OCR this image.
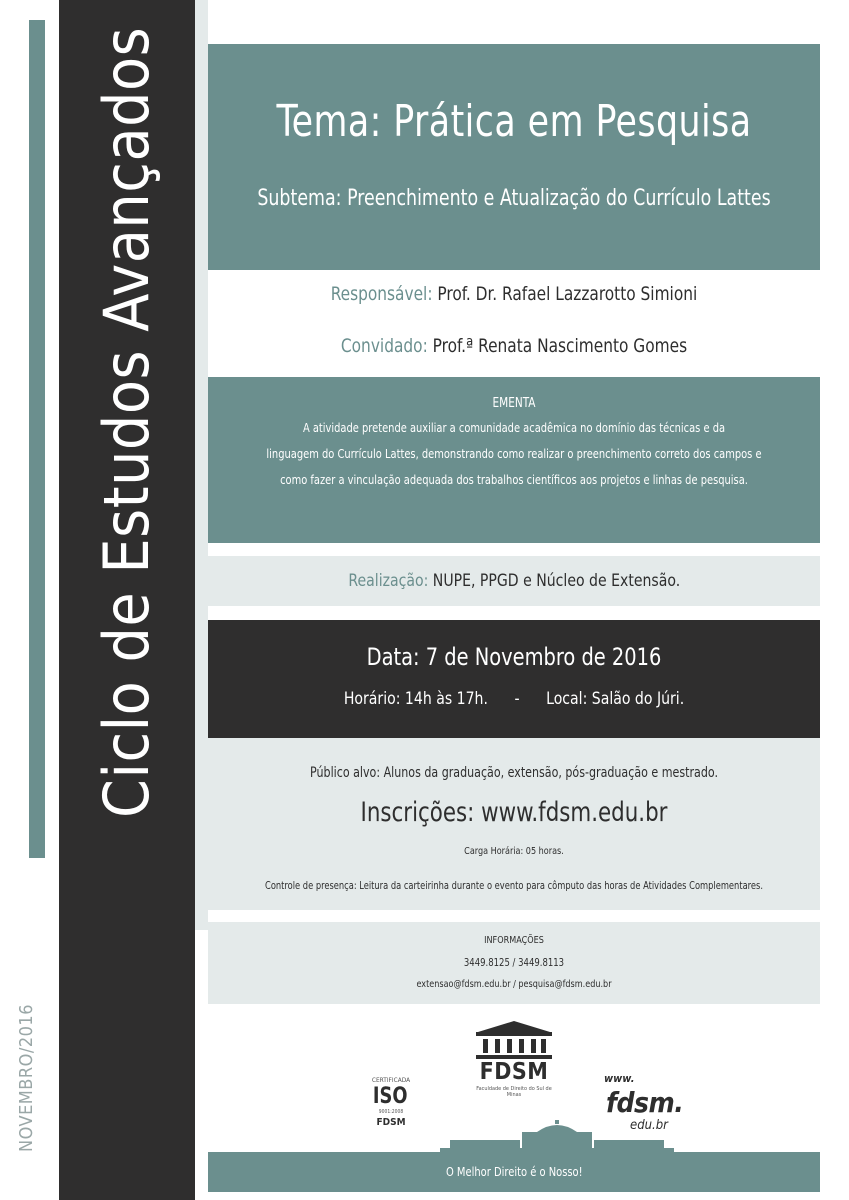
Ciclo de Estudos Avançados
NOVEMBRO/2016
Tema: Prática em Pesquisa
Subtema: Preenchimento e Atualização do Currículo Lattes
Responsável: Prof. Dr. Rafael Lazzarotto Simioni
Convidado: Prof.ª Renata Nascimento Gomes
EMENTA
A atividade pretende auxiliar a comunidade acadêmica no domínio das técnicas e da
linguagem do Currículo Lattes, demonstrando como realizar o preenchimento correto dos campos e
como fazer a vinculação adequada dos trabalhos científicos aos projetos e linhas de pesquisa.
Realização: NUPE, PPGD e Núcleo de Extensão.
Data: 7 de Novembro de 2016
Horário: 14h às 17h. - Local: Salão do Júri.
Público alvo: Alunos da graduação, extensão, pós-graduação e mestrado.
Inscrições: www.fdsm.edu.br
Carga Horária: 05 horas.
Controle de presença: Leitura da carteirinha durante o evento para cômputo das horas de Atividades Complementares.
INFORMAÇÕES
3449.8125 / 3449.8113
extensao@fdsm.edu.br / pesquisa@fdsm.edu.br
FDSM
Faculdade de Direito do Sul de Minas
CERTIFICADA
ISO
9001:2008
FDSM
www.
fdsm.
edu.br
O Melhor Direito é o Nosso!
